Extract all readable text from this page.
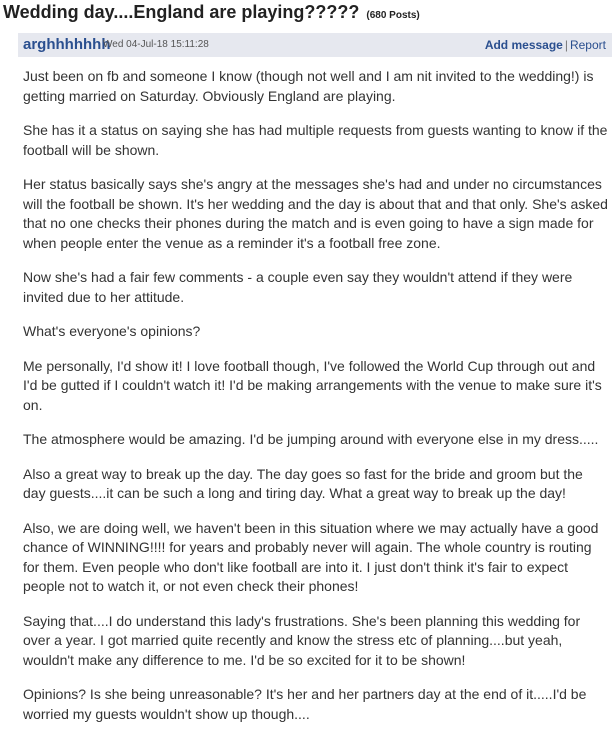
Wedding day....England are playing????? (680 Posts)
arghhhhhhh
Wed 04-Jul-18 15:11:28	Add message | Report

Just been on fb and someone I know (though not well and I am nit invited to the wedding!) is getting married on Saturday. Obviously England are playing.

She has it a status on saying she has had multiple requests from guests wanting to know if the football will be shown.

Her status basically says she's angry at the messages she's had and under no circumstances will the football be shown. It's her wedding and the day is about that and that only. She's asked that no one checks their phones during the match and is even going to have a sign made for when people enter the venue as a reminder it's a football free zone.

Now she's had a fair few comments - a couple even say they wouldn't attend if they were invited due to her attitude.

What's everyone's opinions?

Me personally, I'd show it! I love football though, I've followed the World Cup through out and I'd be gutted if I couldn't watch it! I'd be making arrangements with the venue to make sure it's on.

The atmosphere would be amazing. I'd be jumping around with everyone else in my dress.....

Also a great way to break up the day. The day goes so fast for the bride and groom but the day guests....it can be such a long and tiring day. What a great way to break up the day!

Also, we are doing well, we haven't been in this situation where we may actually have a good chance of WINNING!!!! for years and probably never will again. The whole country is routing for them. Even people who don't like football are into it. I just don't think it's fair to expect people not to watch it, or not even check their phones!

Saying that....I do understand this lady's frustrations. She's been planning this wedding for over a year. I got married quite recently and know the stress etc of planning....but yeah, wouldn't make any difference to me. I'd be so excited for it to be shown!

Opinions? Is she being unreasonable? It's her and her partners day at the end of it.....I'd be worried my guests wouldn't show up though....
